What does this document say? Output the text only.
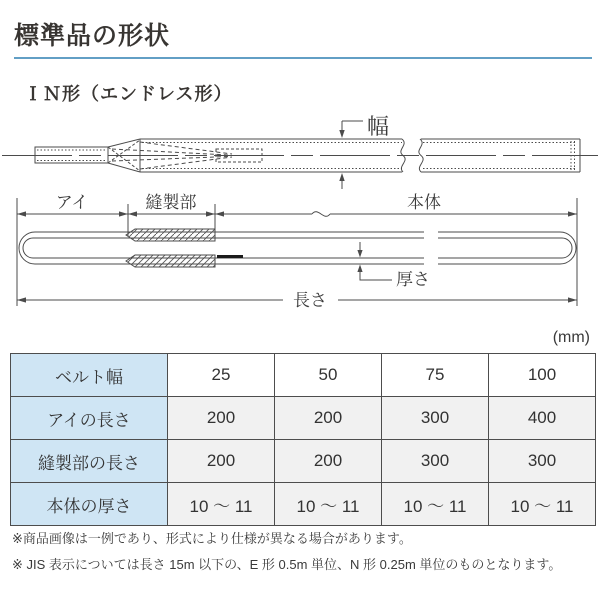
標準品の形状
ＩＮ形（エンドレス形）
幅
アイ	縫製部	本体
厚さ
長さ
(mm)
ベルト幅	25	50	75	100
アイの長さ	200	200	300	400
縫製部の長さ	200	200	300	300
本体の厚さ	10 ～ 11	10 ～ 11	10 ～ 11	10 ～ 11

※商品画像は一例であり、形式により仕様が異なる場合があります。

※ JIS 表示については長さ 15m 以下の、E 形 0.5m 単位、N 形 0.25m 単位のものとなります。
